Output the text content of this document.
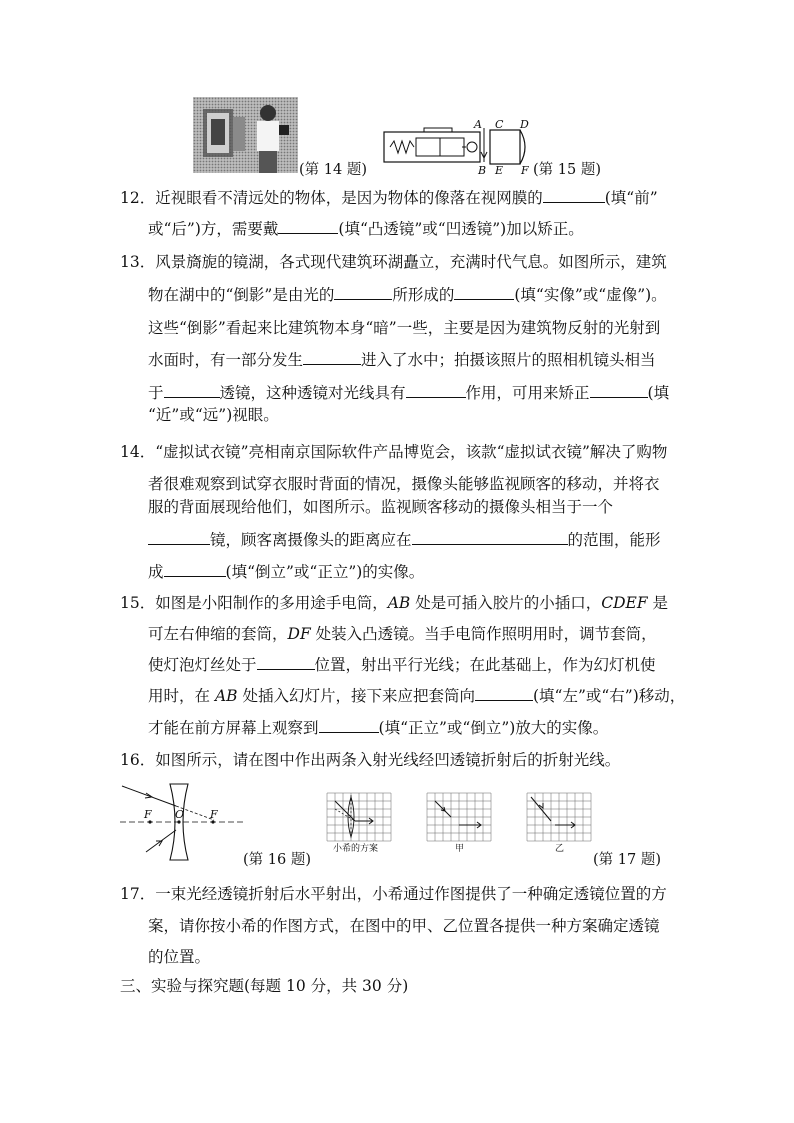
(第 14 题)
A C D
B E F (第 15 题)
12．近视眼看不清远处的物体，是因为物体的像落在视网膜的	(填“前”
或“后”)方，需要戴	(填“凸透镜”或“凹透镜”)加以矫正。
13．风景旖旎的镜湖，各式现代建筑环湖矗立，充满时代气息。如图所示，建筑
物在湖中的“倒影”是由光的	所形成的	(填“实像”或“虚像”)。
这些“倒影”看起来比建筑物本身“暗”一些，主要是因为建筑物反射的光射到
水面时，有一部分发生	进入了水中；拍摄该照片的照相机镜头相当
于	透镜，这种透镜对光线具有	作用，可用来矫正	(填
“近”或“远”)视眼。
14．“虚拟试衣镜”亮相南京国际软件产品博览会，该款“虚拟试衣镜”解决了购物
者很难观察到试穿衣服时背面的情况，摄像头能够监视顾客的移动，并将衣
服的背面展现给他们，如图所示。监视顾客移动的摄像头相当于一个
镜，顾客离摄像头的距离应在	的范围，能形
成	(填“倒立”或“正立”)的实像。
15．如图是小阳制作的多用途手电筒，AB 处是可插入胶片的小插口，CDEF 是
可左右伸缩的套筒，DF 处装入凸透镜。当手电筒作照明用时，调节套筒，
使灯泡灯丝处于	位置，射出平行光线；在此基础上，作为幻灯机使
用时，在 AB 处插入幻灯片，接下来应把套筒向	(填“左”或“右”)移动，
才能在前方屏幕上观察到	(填“正立”或“倒立”)放大的实像。
16．如图所示，请在图中作出两条入射光线经凹透镜折射后的折射光线。
F O F
(第 16 题)
小希的方案	甲	乙
(第 17 题)
17．一束光经透镜折射后水平射出，小希通过作图提供了一种确定透镜位置的方
案，请你按小希的作图方式，在图中的甲、乙位置各提供一种方案确定透镜
的位置。
三、实验与探究题(每题 10 分，共 30 分)
